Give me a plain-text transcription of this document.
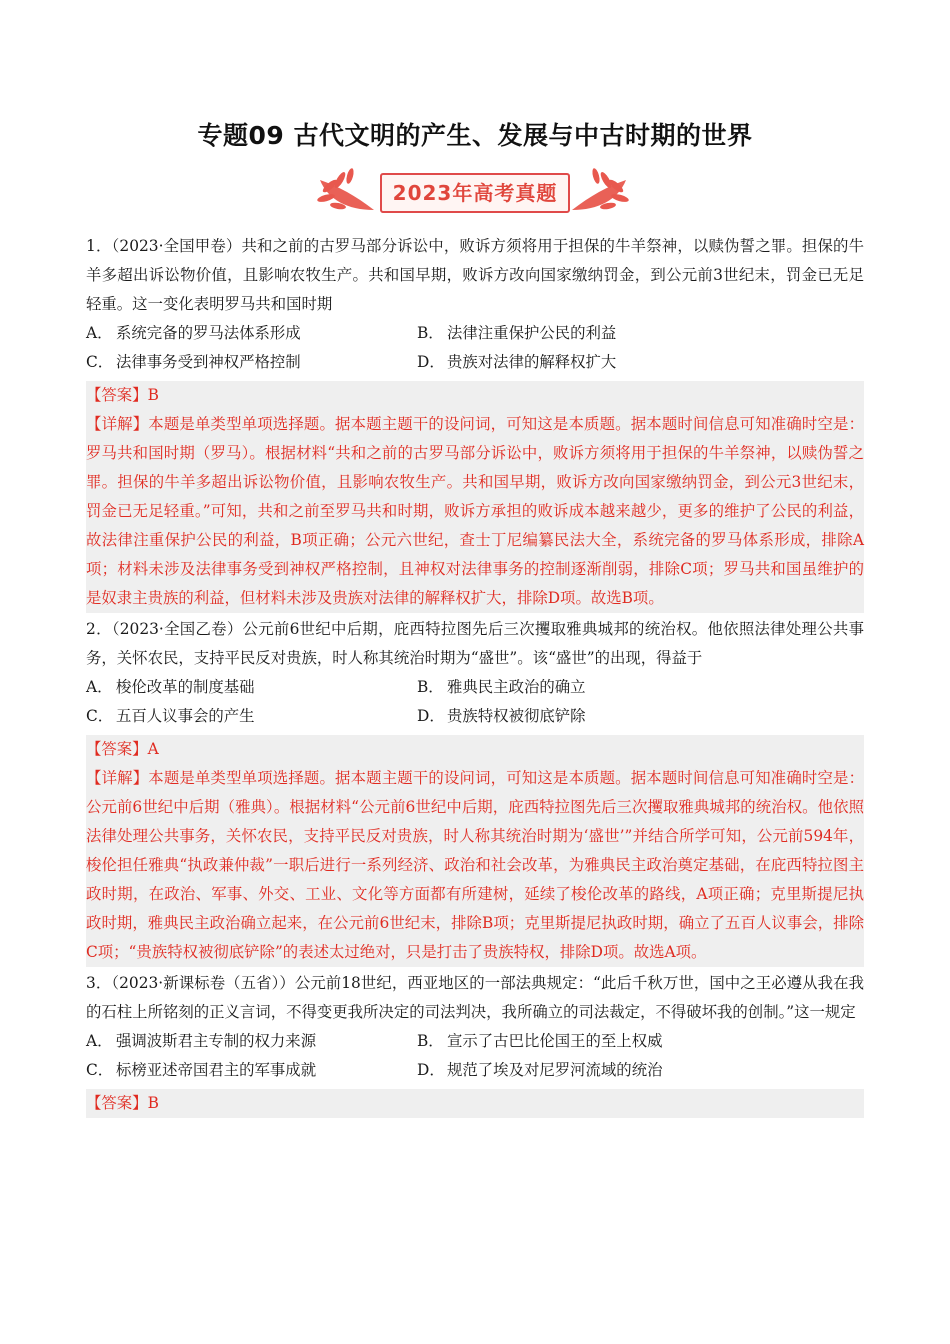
专题09 古代文明的产生、发展与中古时期的世界
2023年高考真题

1．（2023·全国甲卷）共和之前的古罗马部分诉讼中，败诉方须将用于担保的牛羊祭神，以赎伪誓之罪。担保的牛羊多超出诉讼物价值，且影响农牧生产。共和国早期，败诉方改向国家缴纳罚金，到公元前3世纪末，罚金已无足轻重。这一变化表明罗马共和国时期

A． 系统完备的罗马法体系形成	B． 法律注重保护公民的利益
C． 法律事务受到神权严格控制	D． 贵族对法律的解释权扩大
【答案】B

【详解】本题是单类型单项选择题。据本题主题干的设问词，可知这是本质题。据本题时间信息可知准确时空是：罗马共和国时期（罗马）。根据材料“共和之前的古罗马部分诉讼中，败诉方须将用于担保的牛羊祭神，以赎伪誓之罪。担保的牛羊多超出诉讼物价值，且影响农牧生产。共和国早期，败诉方改向国家缴纳罚金，到公元3世纪末，罚金已无足轻重。”可知，共和之前至罗马共和时期，败诉方承担的败诉成本越来越少，更多的维护了公民的利益，故法律注重保护公民的利益，B项正确；公元六世纪，查士丁尼编纂民法大全，系统完备的罗马体系形成，排除A项；材料未涉及法律事务受到神权严格控制，且神权对法律事务的控制逐渐削弱，排除C项；罗马共和国虽维护的是奴隶主贵族的利益，但材料未涉及贵族对法律的解释权扩大，排除D项。故选B项。

2．（2023·全国乙卷）公元前6世纪中后期，庇西特拉图先后三次攫取雅典城邦的统治权。他依照法律处理公共事务，关怀农民，支持平民反对贵族，时人称其统治时期为“盛世”。该“盛世”的出现，得益于

A． 梭伦改革的制度基础	B． 雅典民主政治的确立
C． 五百人议事会的产生	D． 贵族特权被彻底铲除
【答案】A

【详解】本题是单类型单项选择题。据本题主题干的设问词，可知这是本质题。据本题时间信息可知准确时空是：公元前6世纪中后期（雅典）。根据材料“公元前6世纪中后期，庇西特拉图先后三次攫取雅典城邦的统治权。他依照法律处理公共事务，关怀农民，支持平民反对贵族，时人称其统治时期为‘盛世’”并结合所学可知，公元前594年，梭伦担任雅典“执政兼仲裁”一职后进行一系列经济、政治和社会改革，为雅典民主政治奠定基础，在庇西特拉图主政时期，在政治、军事、外交、工业、文化等方面都有所建树，延续了梭伦改革的路线，A项正确；克里斯提尼执政时期，雅典民主政治确立起来，在公元前6世纪末，排除B项；克里斯提尼执政时期，确立了五百人议事会，排除C项；“贵族特权被彻底铲除”的表述太过绝对，只是打击了贵族特权，排除D项。故选A项。

3．（2023·新课标卷（五省））公元前18世纪，西亚地区的一部法典规定：“此后千秋万世，国中之王必遵从我在我的石柱上所铭刻的正义言词，不得变更我所决定的司法判决，我所确立的司法裁定，不得破坏我的创制。”这一规定

A． 强调波斯君主专制的权力来源	B． 宣示了古巴比伦国王的至上权威
C． 标榜亚述帝国君主的军事成就	D． 规范了埃及对尼罗河流域的统治
【答案】B
